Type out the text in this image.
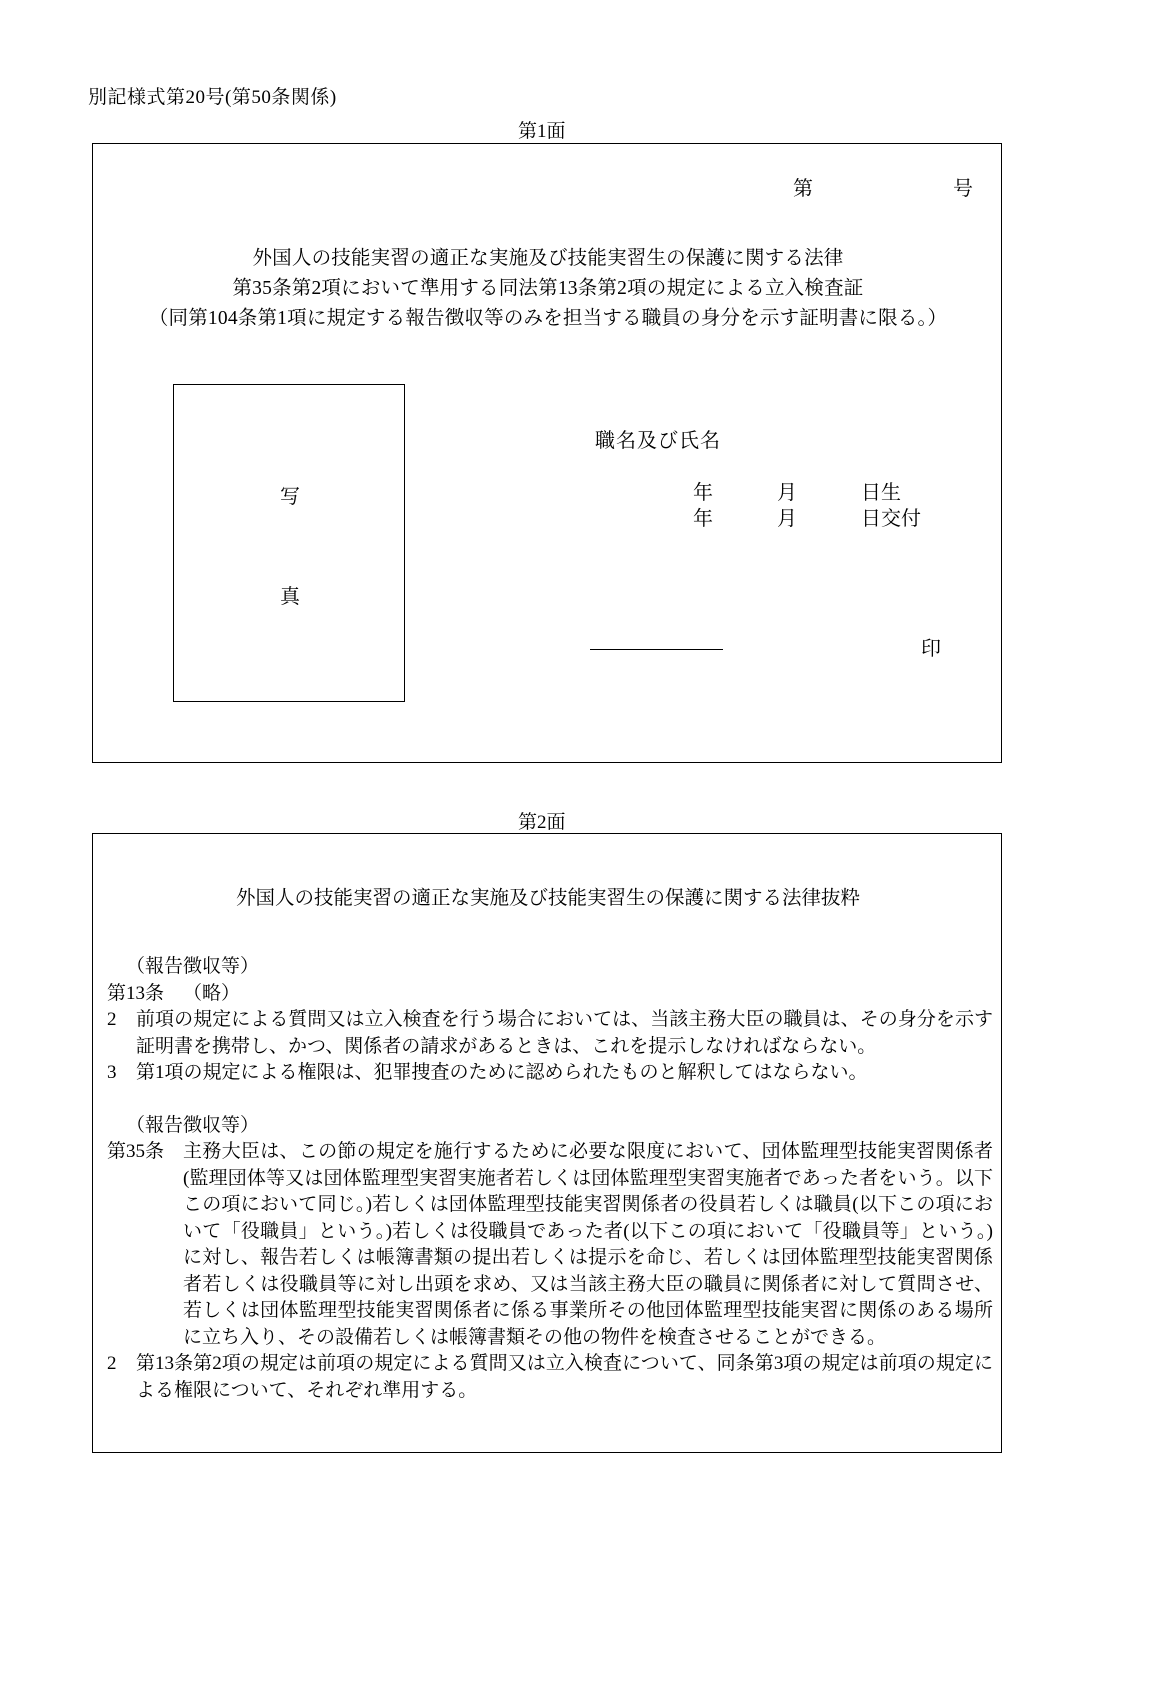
別記様式第20号(第50条関係)
第1面
第	号
外国人の技能実習の適正な実施及び技能実習生の保護に関する法律
第35条第2項において準用する同法第13条第2項の規定による立入検査証
（同第104条第1項に規定する報告徴収等のみを担当する職員の身分を示す証明書に限る。）
写
真
職名及び氏名
年	月	日生
年	月	日交付
印
第2面
外国人の技能実習の適正な実施及び技能実習生の保護に関する法律抜粋
（報告徴収等）
第13条　 （略）
2	前項の規定による質問又は立入検査を行う場合においては、当該主務大臣の職員は、その身分を示す証明書を携帯し、かつ、関係者の請求があるときは、これを提示しなければならない。
3	第1項の規定による権限は、犯罪捜査のために認められたものと解釈してはならない。
（報告徴収等）
第35条　 主務大臣は、この節の規定を施行するために必要な限度において、団体監理型技能実習関係者(監理団体等又は団体監理型実習実施者若しくは団体監理型実習実施者であった者をいう。以下この項において同じ。)若しくは団体監理型技能実習関係者の役員若しくは職員(以下この項において「役職員」という。)若しくは役職員であった者(以下この項において「役職員等」という。)に対し、報告若しくは帳簿書類の提出若しくは提示を命じ、若しくは団体監理型技能実習関係者若しくは役職員等に対し出頭を求め、又は当該主務大臣の職員に関係者に対して質問させ、若しくは団体監理型技能実習関係者に係る事業所その他団体監理型技能実習に関係のある場所に立ち入り、その設備若しくは帳簿書類その他の物件を検査させることができる。
2	第13条第2項の規定は前項の規定による質問又は立入検査について、同条第3項の規定は前項の規定による権限について、それぞれ準用する。
